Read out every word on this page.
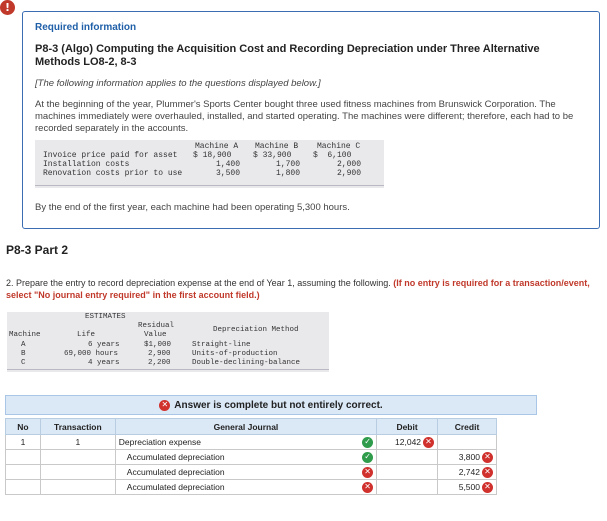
!
Required information
P8-3 (Algo) Computing the Acquisition Cost and Recording Depreciation under Three Alternative Methods LO8-2, 8-3
[The following information applies to the questions displayed below.]
At the beginning of the year, Plummer's Sports Center bought three used fitness machines from Brunswick Corporation. The machines immediately were overhauled, installed, and started operating. The machines were different; therefore, each had to be recorded separately in the accounts.
Machine A Machine B Machine C
Invoice price paid for asset $ 18,900	$ 33,900	$  6,100
Installation costs	1,400	1,700	2,000
Renovation costs prior to use	3,500	1,800	2,900
By the end of the first year, each machine had been operating 5,300 hours.
P8-3 Part 2
2. Prepare the entry to record depreciation expense at the end of Year 1, assuming the following. (If no entry is required for a transaction/event, select "No journal entry required" in the first account field.)
ESTIMATES
Machine	Life
Residual
Value
Depreciation Method
A	6 years	$1,000	Straight-line
B	69,000 hours	2,900	Units-of-production
C	4 years	2,200	Double-declining-balance
✕ Answer is complete but not entirely correct.
No	Transaction	General Journal	Debit	Credit
1	1	Depreciation expense ✓	12,042 ✕	

		Accumulated depreciation ✓		3,800 ✕

		Accumulated depreciation ✕		2,742 ✕

		Accumulated depreciation ✕		5,500 ✕
